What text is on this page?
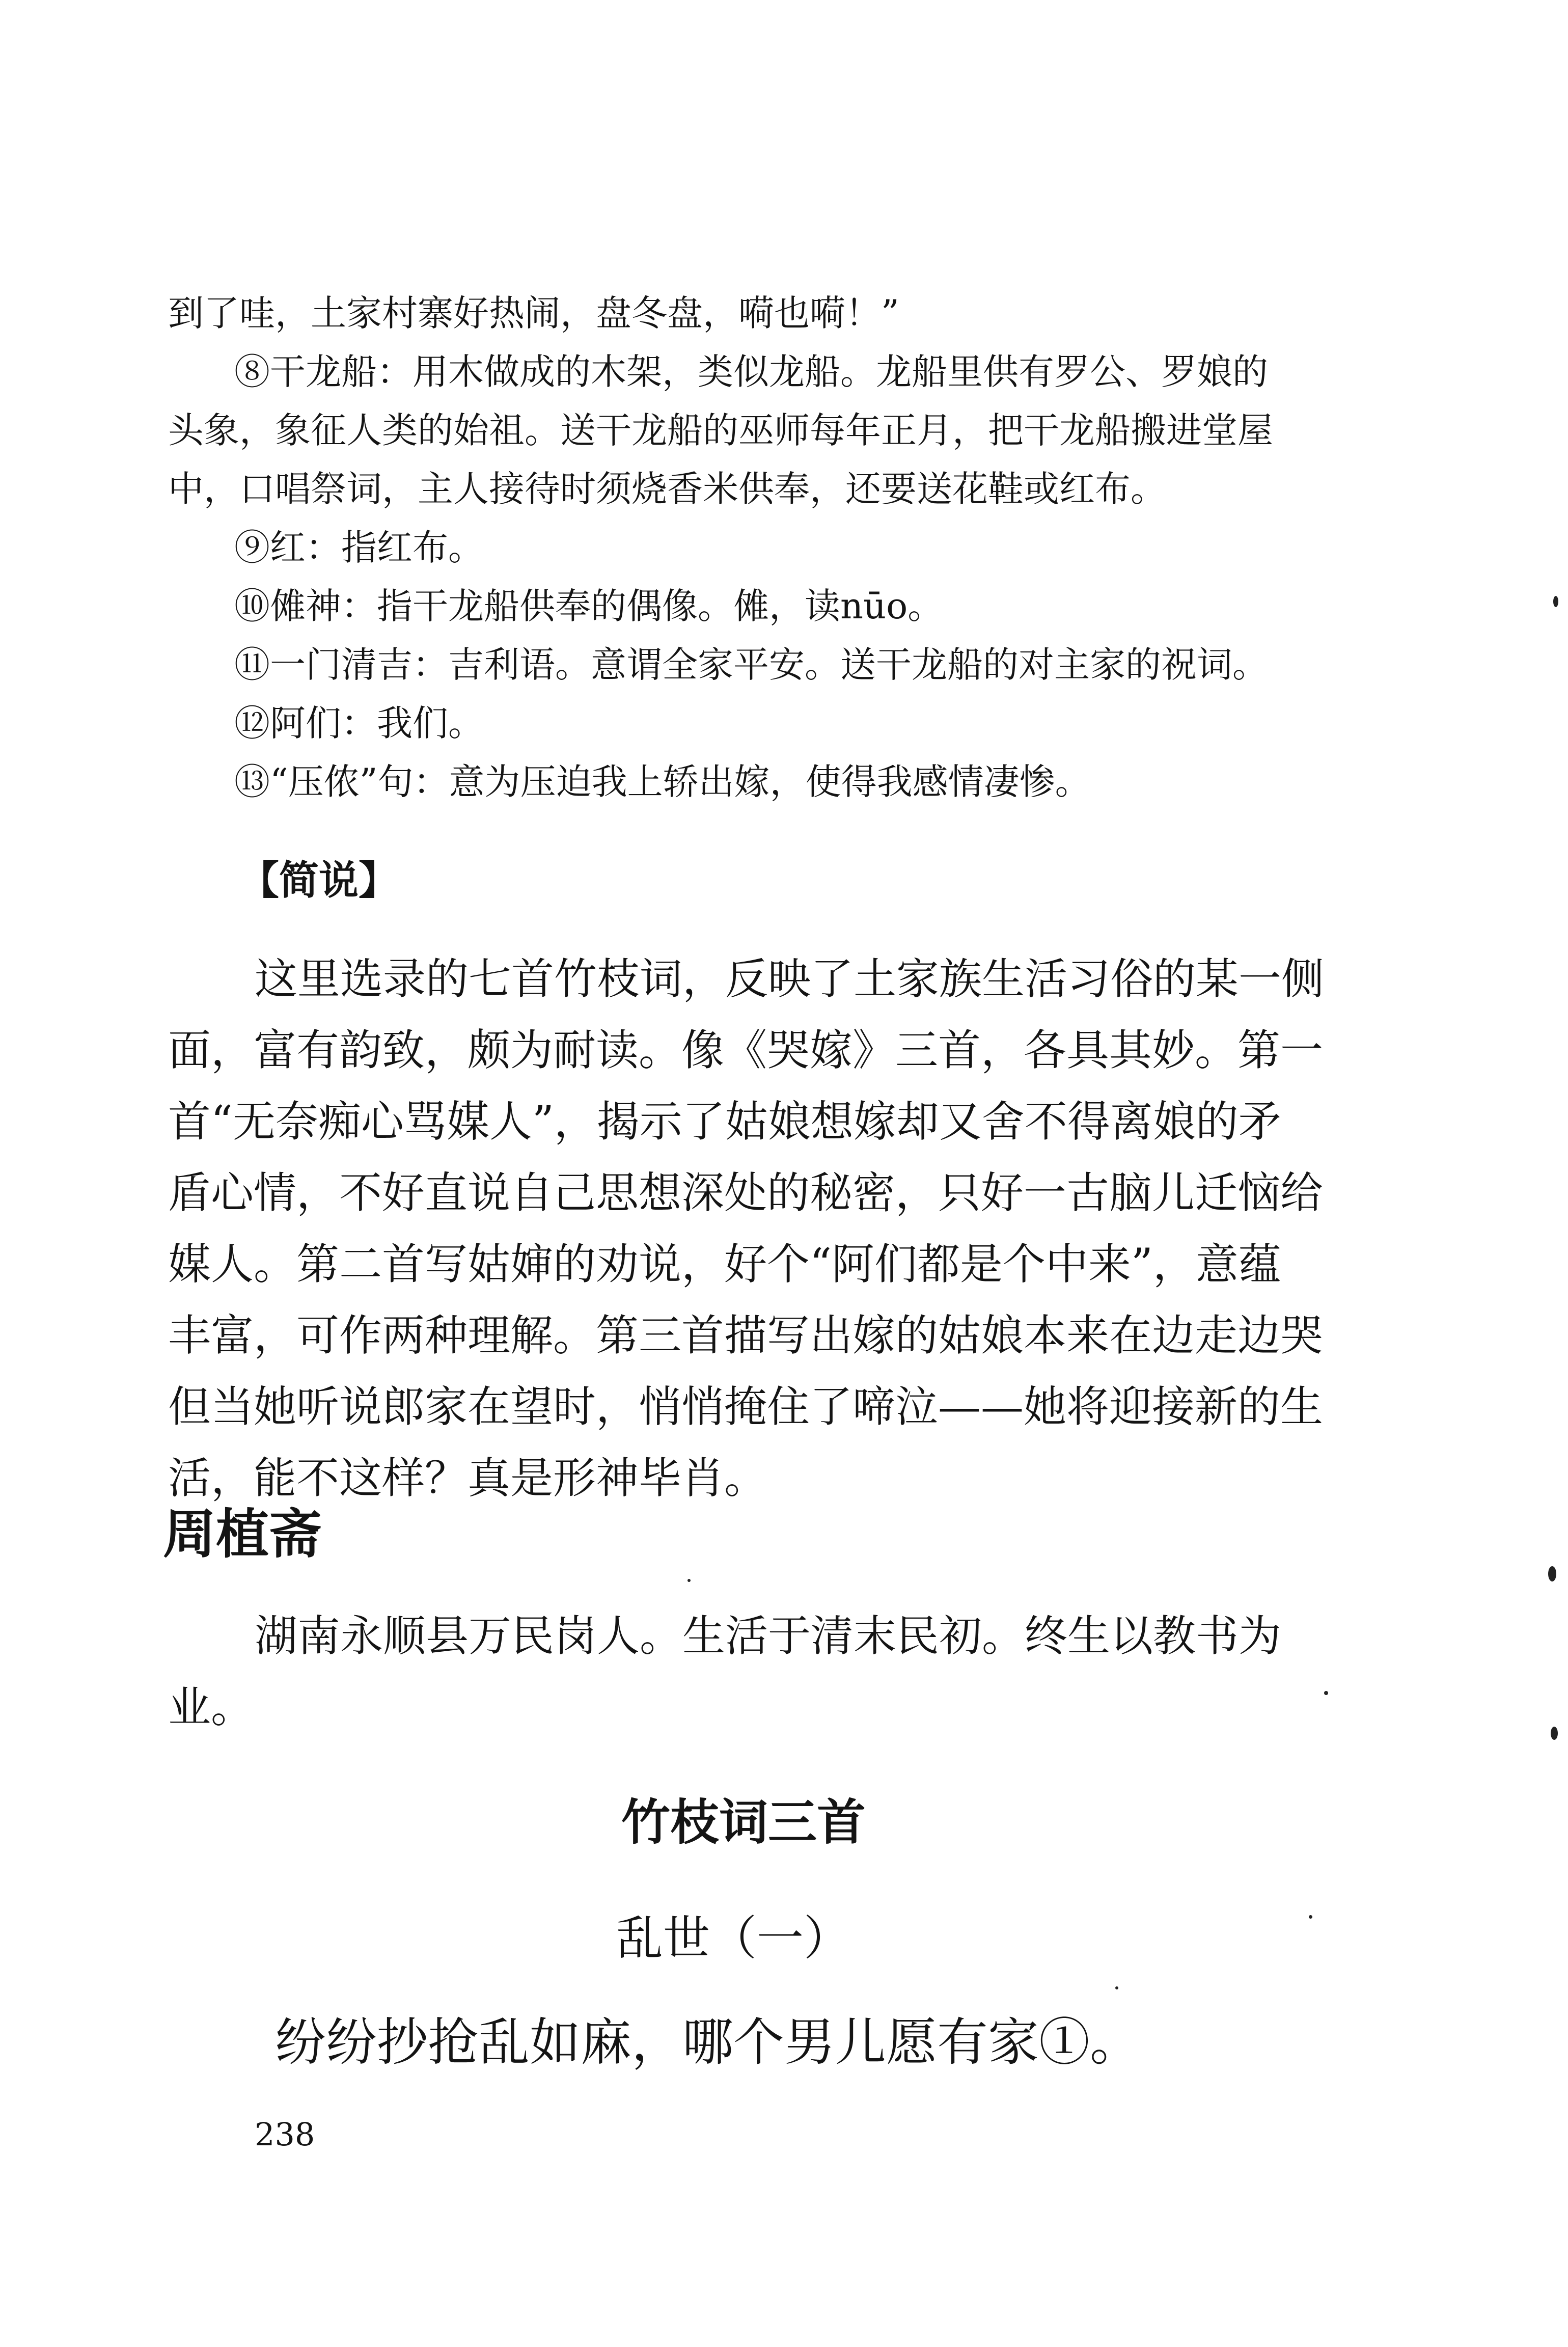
到了哇，土家村寨好热闹，盘冬盘，嗬也嗬！”
⑧干龙船：用木做成的木架，类似龙船。龙船里供有罗公、罗娘的
头象，象征人类的始祖。送干龙船的巫师每年正月，把干龙船搬进堂屋
中，口唱祭词，主人接待时须烧香米供奉，还要送花鞋或红布。
⑨红：指红布。
⑩傩神：指干龙船供奉的偶像。傩，读nūo。
⑪一门清吉：吉利语。意谓全家平安。送干龙船的对主家的祝词。
⑫阿们：我们。
⑬“压侬”句：意为压迫我上轿出嫁，使得我感情凄惨。
【简说】
这里选录的七首竹枝词，反映了土家族生活习俗的某一侧
面，富有韵致，颇为耐读。像《哭嫁》三首，各具其妙。第一
首“无奈痴心骂媒人”，揭示了姑娘想嫁却又舍不得离娘的矛
盾心情，不好直说自己思想深处的秘密，只好一古脑儿迁恼给
媒人。第二首写姑婶的劝说，好个“阿们都是个中来”，意蕴
丰富，可作两种理解。第三首描写出嫁的姑娘本来在边走边哭
但当她听说郎家在望时，悄悄掩住了啼泣——她将迎接新的生
活，能不这样？真是形神毕肖。
周植斋
湖南永顺县万民岗人。生活于清末民初。终生以教书为
业。
竹枝词三首
乱世（一）
纷纷抄抢乱如麻，哪个男儿愿有家①。
238
